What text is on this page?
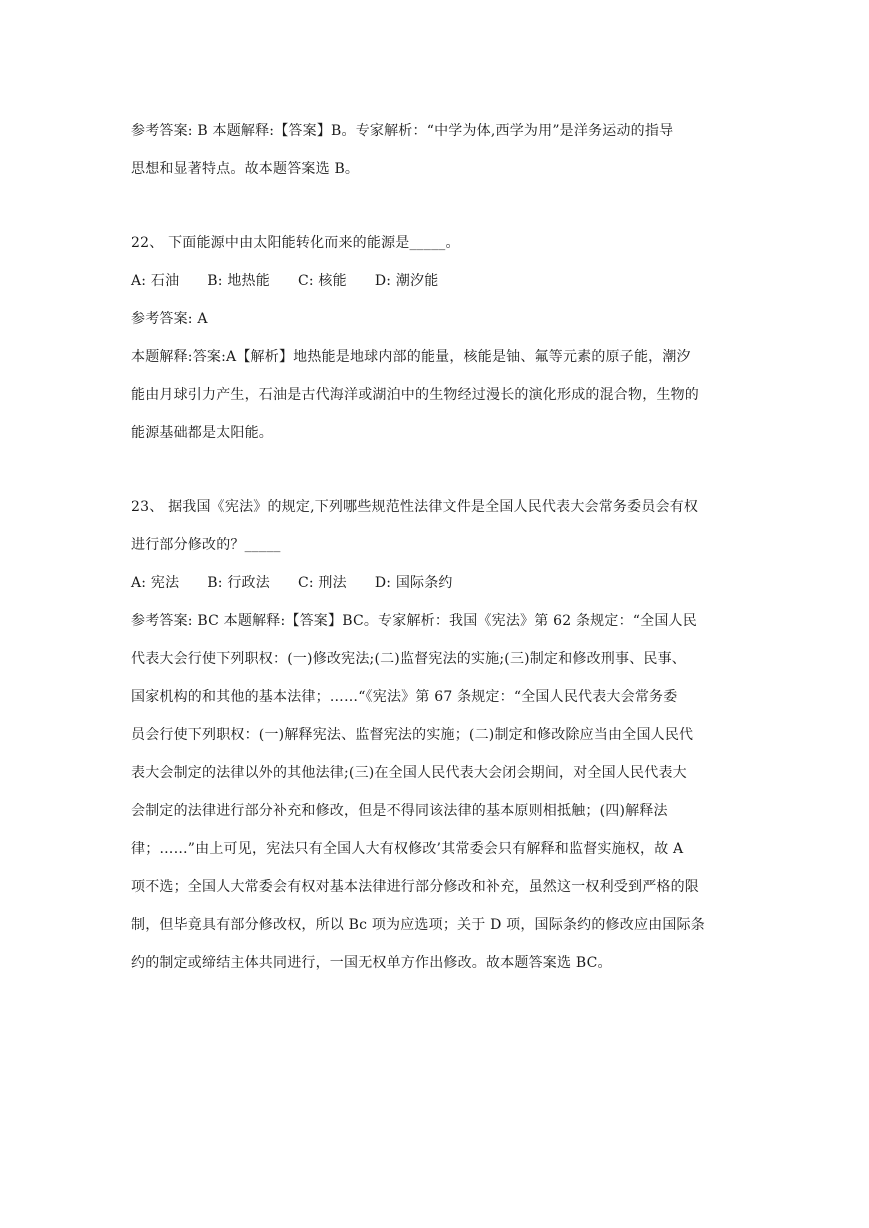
参考答案: B 本题解释:【答案】B。专家解析：“中学为体,西学为用”是洋务运动的指导
思想和显著特点。故本题答案选 B。
22、 下面能源中由太阳能转化而来的能源是_____。
A: 石油 B: 地热能 C: 核能 D: 潮汐能
参考答案: A
本题解释:答案:A【解析】地热能是地球内部的能量，核能是铀、氟等元素的原子能，潮汐
能由月球引力产生，石油是古代海洋或湖泊中的生物经过漫长的演化形成的混合物，生物的
能源基础都是太阳能。
23、 据我国《宪法》的规定,下列哪些规范性法律文件是全国人民代表大会常务委员会有权
进行部分修改的？_____
A: 宪法 B: 行政法 C: 刑法 D: 国际条约
参考答案: BC 本题解释:【答案】BC。专家解析：我国《宪法》第 62 条规定：“全国人民
代表大会行使下列职权：(一)修改宪法;(二)监督宪法的实施;(三)制定和修改刑事、民事、
国家机构的和其他的基本法律；……“《宪法》第 67 条规定：“全国人民代表大会常务委
员会行使下列职权：(一)解释宪法、监督宪法的实施；(二)制定和修改除应当由全国人民代
表大会制定的法律以外的其他法律;(三)在全国人民代表大会闭会期间，对全国人民代表大
会制定的法律进行部分补充和修改，但是不得同该法律的基本原则相抵触；(四)解释法
律；……”由上可见，宪法只有全国人大有权修改’其常委会只有解释和监督实施权，故 A
项不选；全国人大常委会有权对基本法律进行部分修改和补充，虽然这一权利受到严格的限
制，但毕竟具有部分修改权，所以 Bc 项为应选项；关于 D 项，国际条约的修改应由国际条
约的制定或缔结主体共同进行，一国无权单方作出修改。故本题答案选 BC。
